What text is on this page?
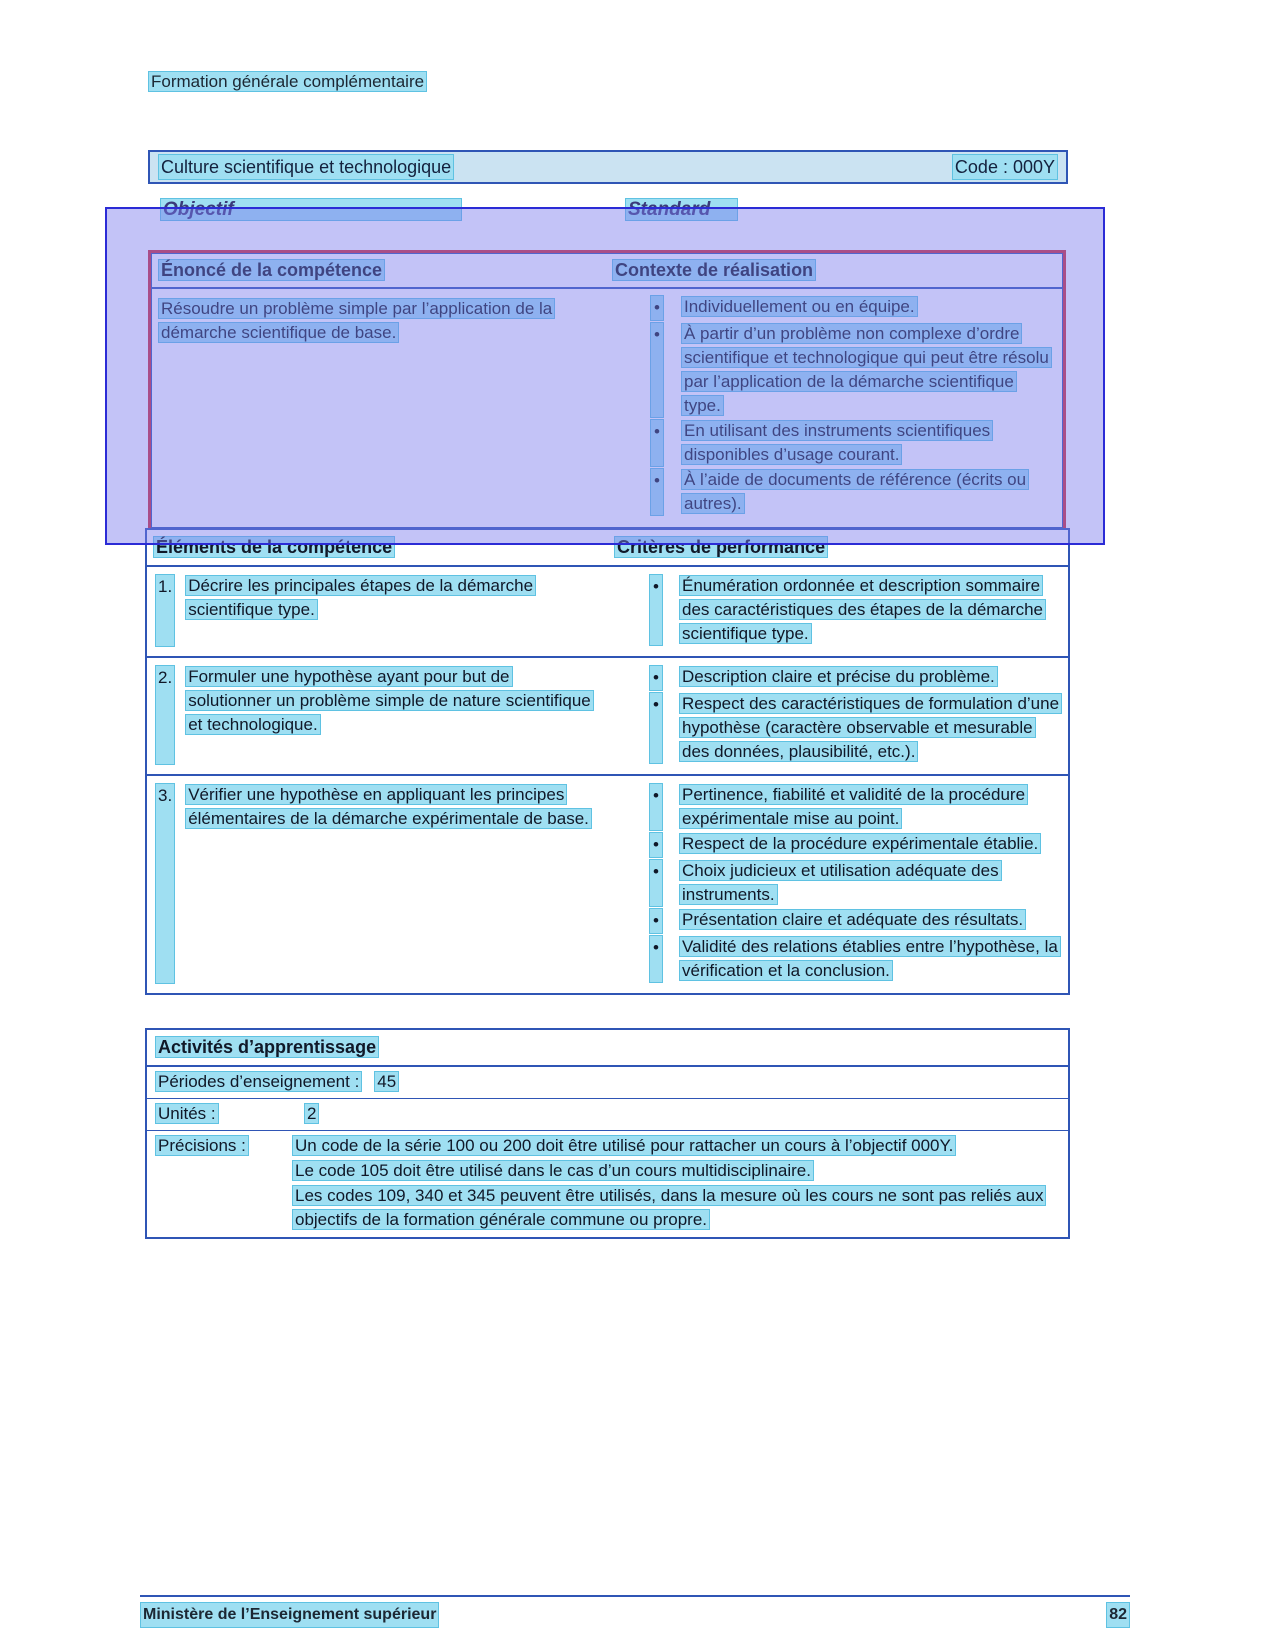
Formation générale complémentaire
Culture scientifique et technologique	Code : 000Y
Objectif	Standard
Énoncé de la compétence	Contexte de réalisation
Résoudre un problème simple par l’application de la démarche scientifique de base.
• Individuellement ou en équipe.
• À partir d’un problème non complexe d’ordre scientifique et technologique qui peut être résolu par l’application de la démarche scientifique type.
• En utilisant des instruments scientifiques disponibles d’usage courant.
• À l’aide de documents de référence (écrits ou autres).
Éléments de la compétence	Critères de performance
1. Décrire les principales étapes de la démarche scientifique type.
• Énumération ordonnée et description sommaire des caractéristiques des étapes de la démarche scientifique type.
2. Formuler une hypothèse ayant pour but de solutionner un problème simple de nature scientifique et technologique.
• Description claire et précise du problème.
• Respect des caractéristiques de formulation d’une hypothèse (caractère observable et mesurable des données, plausibilité, etc.).
3. Vérifier une hypothèse en appliquant les principes élémentaires de la démarche expérimentale de base.
• Pertinence, fiabilité et validité de la procédure expérimentale mise au point.
• Respect de la procédure expérimentale établie.
• Choix judicieux et utilisation adéquate des instruments.
• Présentation claire et adéquate des résultats.
• Validité des relations établies entre l’hypothèse, la vérification et la conclusion.
Activités d’apprentissage
Périodes d’enseignement : 45
Unités :	2
Précisions :	Un code de la série 100 ou 200 doit être utilisé pour rattacher un cours à l’objectif 000Y.
Le code 105 doit être utilisé dans le cas d’un cours multidisciplinaire.
Les codes 109, 340 et 345 peuvent être utilisés, dans la mesure où les cours ne sont pas reliés aux objectifs de la formation générale commune ou propre.
Ministère de l’Enseignement supérieur	82
